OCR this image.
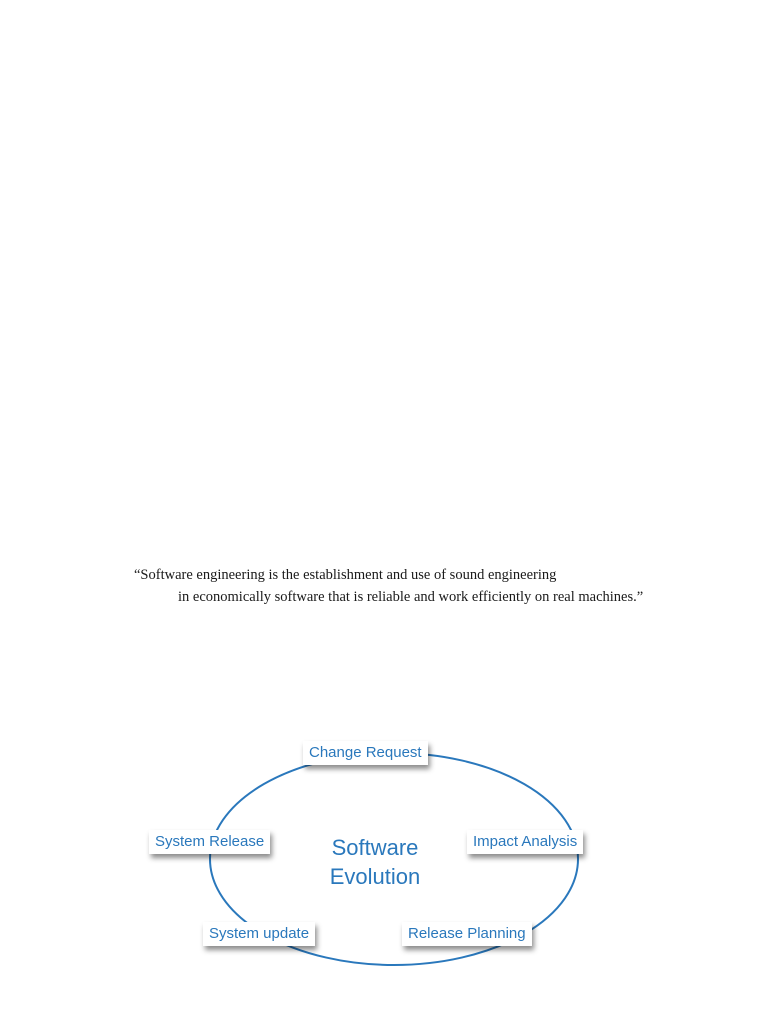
“Software engineering is the establishment and use of sound engineering
in economically software that is reliable and work efficiently on real machines.”
Software
Evolution
Change Request
Impact Analysis
Release Planning
System update
System Release
